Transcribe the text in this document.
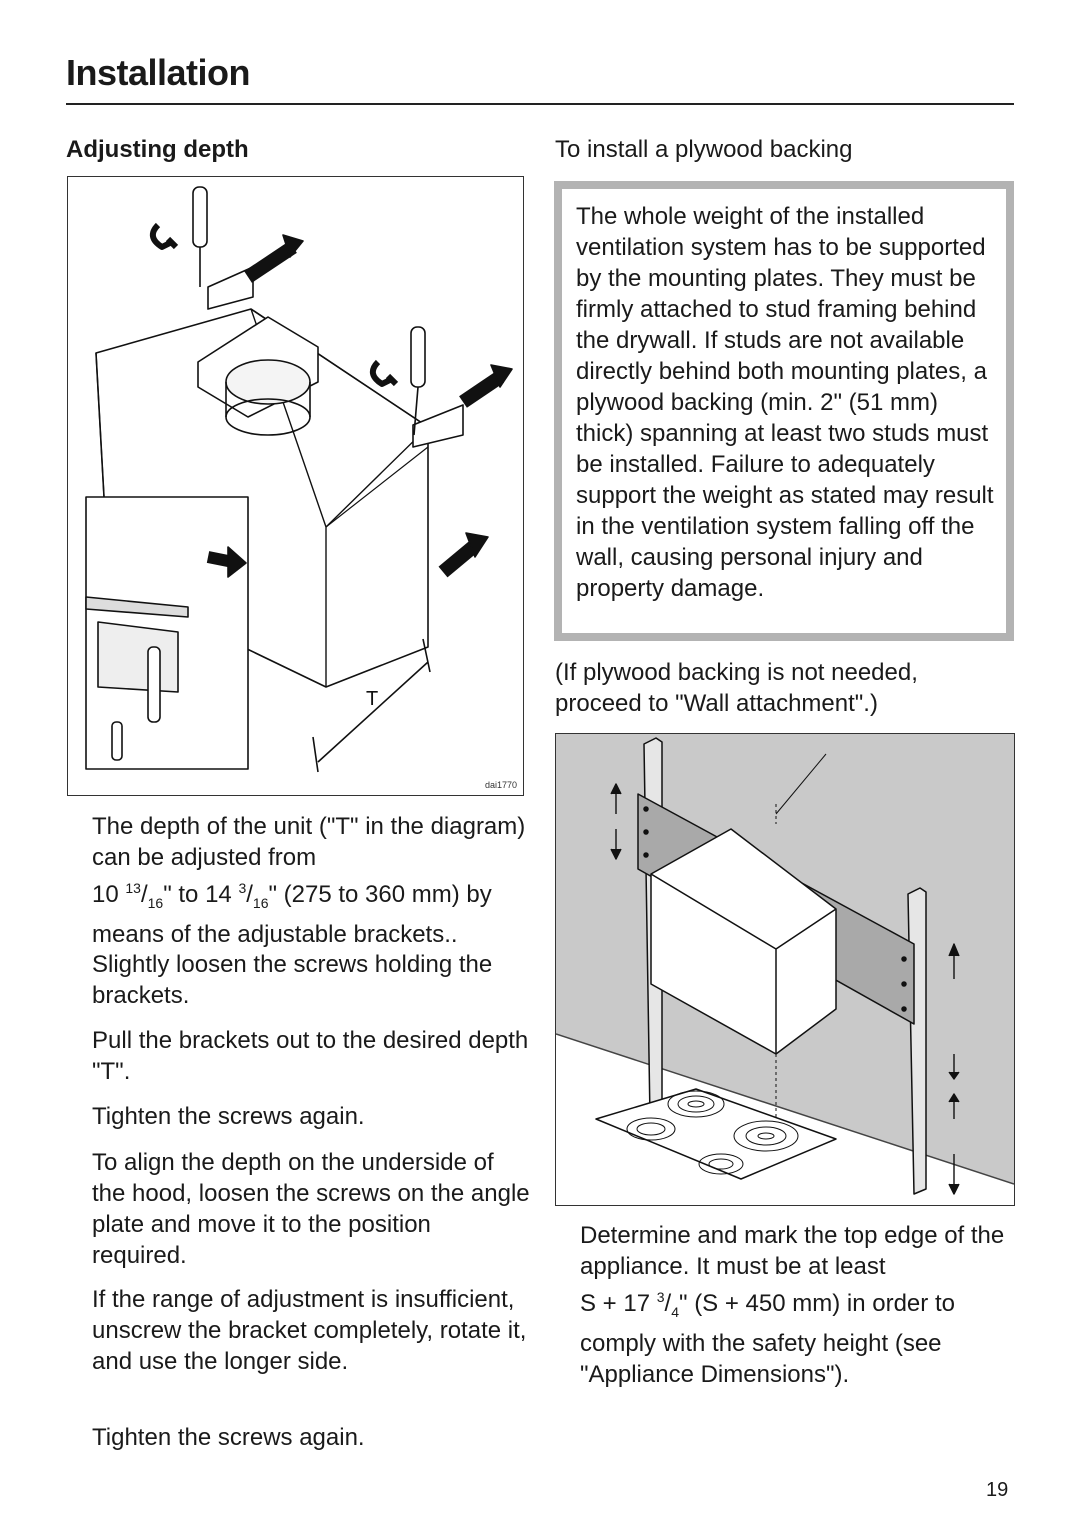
Installation
Adjusting depth	To install a plywood backing
T
dai1770

The depth of the unit ("T" in the diagram) can be adjusted from
10 $^{13}/_{16}$" to 14 $^3/_{16}$" (275 to 360 mm) by means of the adjustable brackets..

Slightly loosen the screws holding the brackets.

Pull the brackets out to the desired depth "T".

Tighten the screws again.

To align the depth on the underside of the hood, loosen the screws on the angle plate and move it to the position required.

If the range of adjustment is insufficient, unscrew the bracket completely, rotate it, and use the longer side.

Tighten the screws again.

The whole weight of the installed ventilation system has to be supported by the mounting plates. They must be firmly attached to stud framing behind the drywall. If studs are not available directly behind both mounting plates, a plywood backing (min. 2" (51 mm) thick) spanning at least two studs must be installed. Failure to adequately support the weight as stated may result in the ventilation system falling off the wall, causing personal injury and property damage.

(If plywood backing is not needed, proceed to "Wall attachment".)

Determine and mark the top edge of the appliance. It must be at least
S + 17 $^3/_4$" (S + 450 mm) in order to comply with the safety height (see "Appliance Dimensions").

19
